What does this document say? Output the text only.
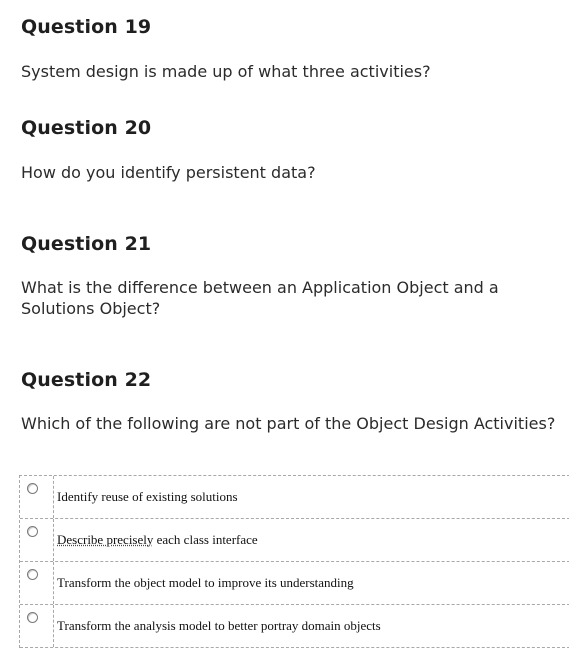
Question 19

System design is made up of what three activities?

Question 20

How do you identify persistent data?

Question 21

What is the difference between an Application Object and a Solutions Object?

Question 22

Which of the following are not part of the Object Design Activities?

Identify reuse of existing solutions
Describe precisely each class interface
Transform the object model to improve its understanding
Transform the analysis model to better portray domain objects
